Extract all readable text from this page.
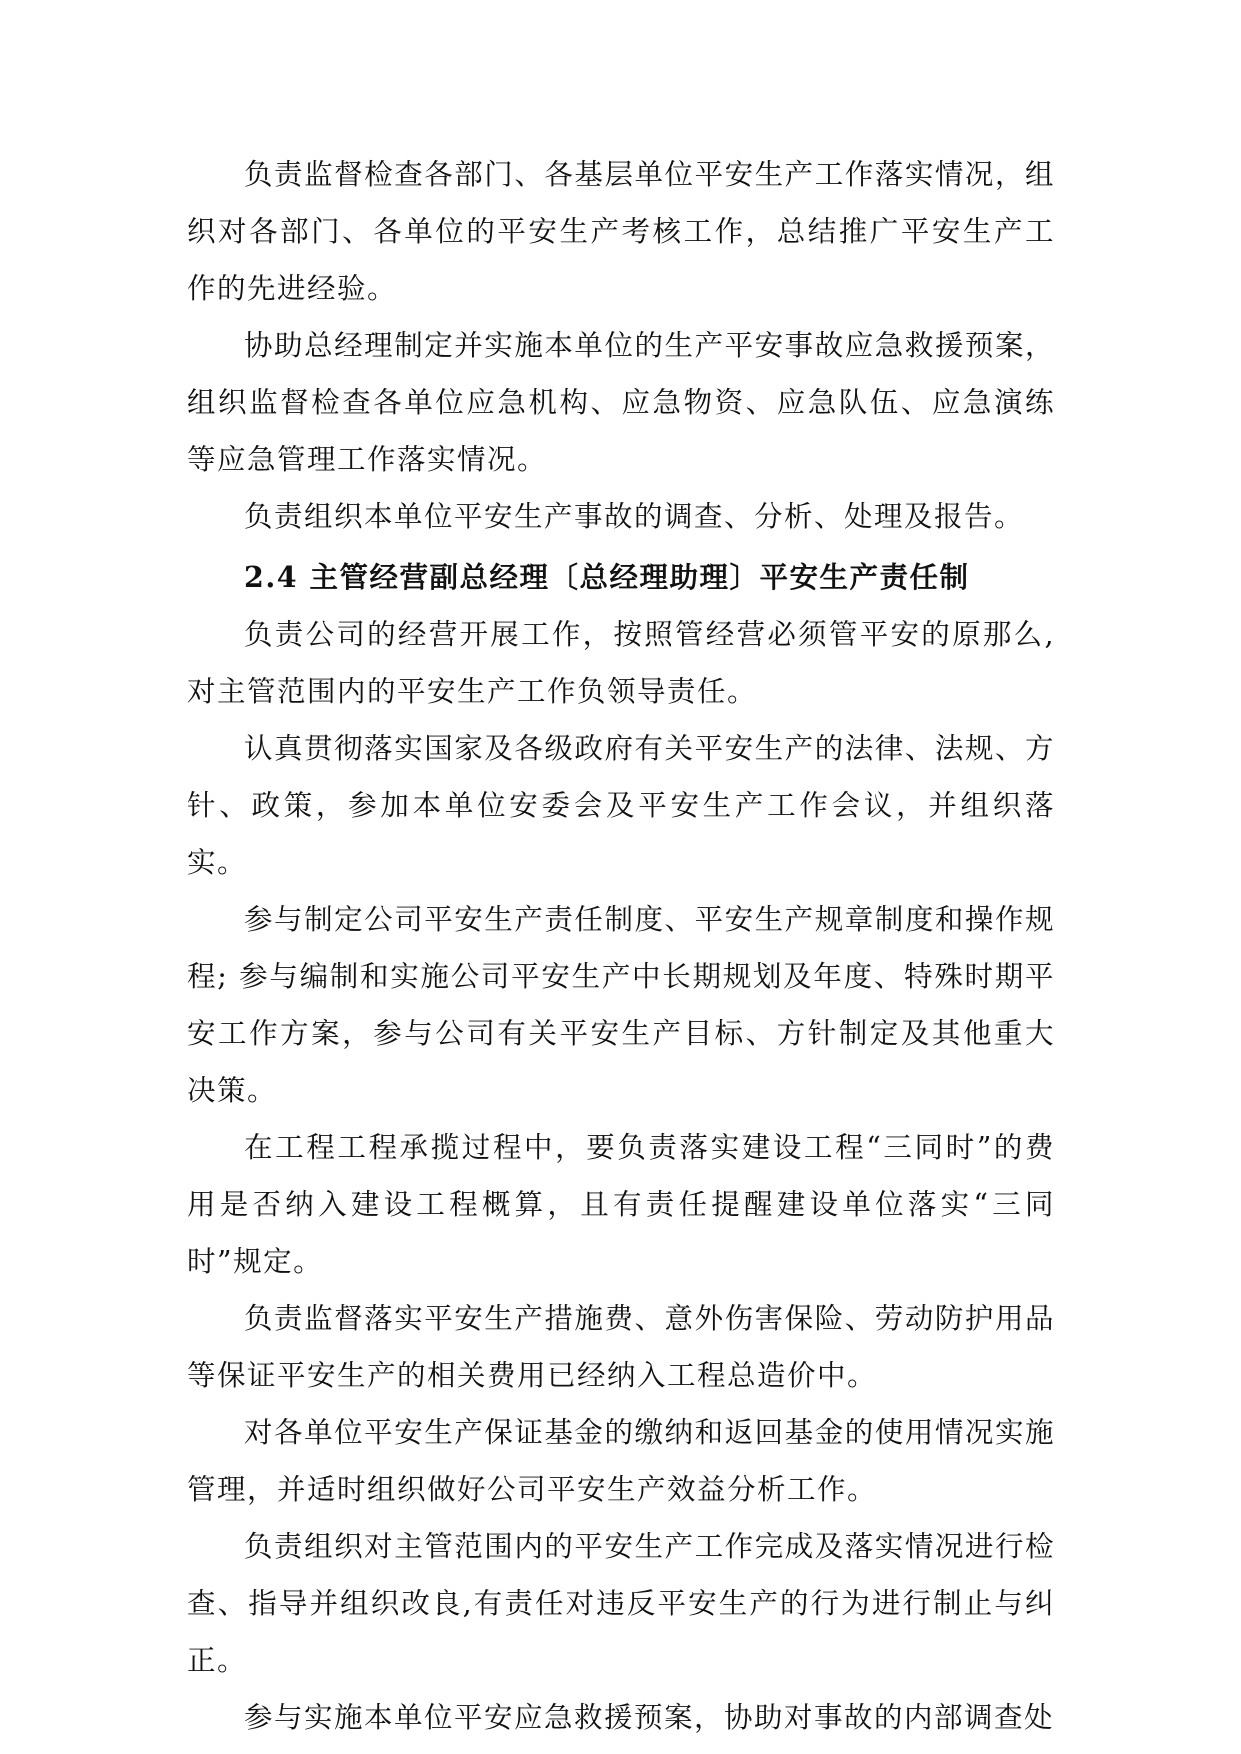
负责监督检查各部门、各基层单位平安生产工作落实情况，组织对各部门、各单位的平安生产考核工作，总结推广平安生产工作的先进经验。

协助总经理制定并实施本单位的生产平安事故应急救援预案，组织监督检查各单位应急机构、应急物资、应急队伍、应急演练等应急管理工作落实情况。

负责组织本单位平安生产事故的调查、分析、处理及报告。

2.4 主管经营副总经理〔总经理助理〕平安生产责任制

负责公司的经营开展工作，按照管经营必须管平安的原那么,对主管范围内的平安生产工作负领导责任。

认真贯彻落实国家及各级政府有关平安生产的法律、法规、方针、政策，参加本单位安委会及平安生产工作会议，并组织落实。

参与制定公司平安生产责任制度、平安生产规章制度和操作规程; 参与编制和实施公司平安生产中长期规划及年度、特殊时期平安工作方案，参与公司有关平安生产目标、方针制定及其他重大决策。

在工程工程承揽过程中，要负责落实建设工程“三同时”的费用是否纳入建设工程概算，且有责任提醒建设单位落实“三同时”规定。

负责监督落实平安生产措施费、意外伤害保险、劳动防护用品等保证平安生产的相关费用已经纳入工程总造价中。

对各单位平安生产保证基金的缴纳和返回基金的使用情况实施管理，并适时组织做好公司平安生产效益分析工作。

负责组织对主管范围内的平安生产工作完成及落实情况进行检查、指导并组织改良,有责任对违反平安生产的行为进行制止与纠正。

参与实施本单位平安应急救援预案，协助对事故的内部调查处
